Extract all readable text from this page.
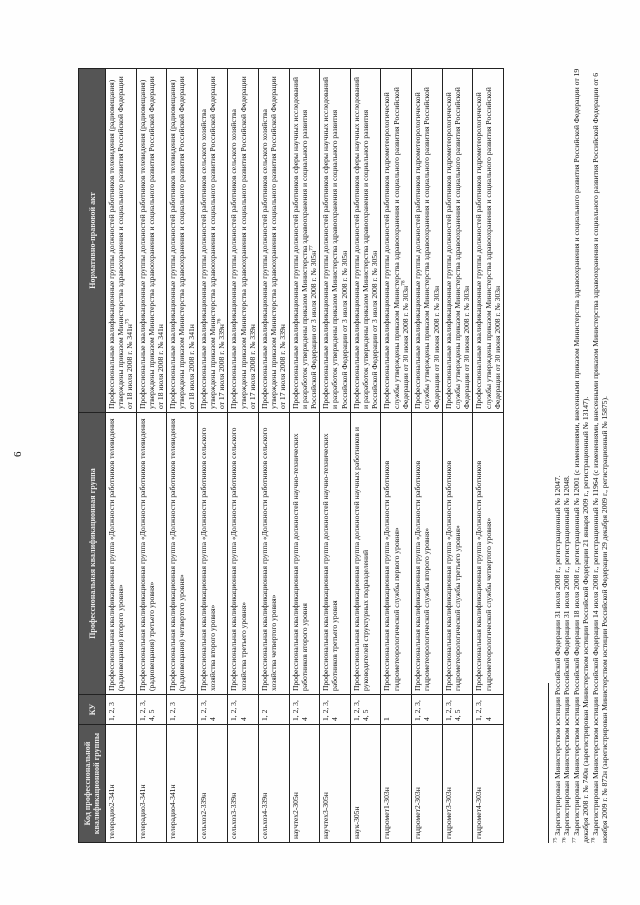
6
Код профессиональной квалификационной группы	КУ	Профессиональная квалификационная группа	Нормативно-правовой акт
телерадио2-341н	1, 2, 3	Профессиональная квалификационная группа «Должности работников телевидения (радиовещания) второго уровня»	Профессиональные квалификационные группы должностей работников телевидения (радиовещания) утверждены приказом Министерства здравоохранения и социального развития Российской Федерации от 18 июля 2008 г. № $341н^{75}$
телерадио3-341н	1, 2, 3, 4, 5	Профессиональная квалификационная группа «Должности работников телевидения (радиовещания) третьего уровня»	Профессиональные квалификационные группы должностей работников телевидения (радиовещания) утверждены приказом Министерства здравоохранения и социального развития Российской Федерации от 18 июля 2008 г. № 341н
телерадио4-341н	1, 2, 3	Профессиональная квалификационная группа «Должности работников телевидения (радиовещания) четвертого уровня»	Профессиональные квалификационные группы должностей работников телевидения (радиовещания) утверждены приказом Министерства здравоохранения и социального развития Российской Федерации от 18 июля 2008 г. № 341н
сельхоз2-339н	1, 2, 3, 4	Профессиональная квалификационная группа «Должности работников сельского хозяйства второго уровня»	Профессиональные квалификационные группы должностей работников сельского хозяйства утверждены приказом Министерства здравоохранения и социального развития Российской Федерации от 17 июля 2008 г. № $339н^{76}$
сельхоз3-339н	1, 2, 3, 4	Профессиональная квалификационная группа «Должности работников сельского хозяйства третьего уровня»	Профессиональные квалификационные группы должностей работников сельского хозяйства утверждены приказом Министерства здравоохранения и социального развития Российской Федерации от 17 июля 2008 г. № 339н
сельхоз4-339н	1, 2	Профессиональная квалификационная группа «Должности работников сельского хозяйства четвертого уровня»	Профессиональные квалификационные группы должностей работников сельского хозяйства утверждены приказом Министерства здравоохранения и социального развития Российской Федерации от 17 июля 2008 г. № 339н
научтех2-305н	1, 2, 3, 4	Профессиональная квалификационная группа должностей научно-технических работников второго уровня	Профессиональные квалификационные группы должностей работников сферы научных исследований и разработок утверждены приказом Министерства здравоохранения и социального развития Российской Федерации от 3 июля 2008 г. № $305н^{77}$
научтех3-305н	1, 2, 3, 4	Профессиональная квалификационная группа должностей научно-технических работников третьего уровня	Профессиональные квалификационные группы должностей работников сферы научных исследований и разработок утверждены приказом Министерства здравоохранения и социального развития Российской Федерации от 3 июля 2008 г. № 305н
наук-305н	1, 2, 3, 4, 5	Профессиональная квалификационная группа должностей научных работников и руководителей структурных подразделений	Профессиональные квалификационные группы должностей работников сферы научных исследований и разработок утверждены приказом Министерства здравоохранения и социального развития Российской Федерации от 3 июля 2008 г. № 305н
гидромет1-303н	1	Профессиональная квалификационная группа «Должности работников гидрометеорологической службы первого уровня»	Профессиональные квалификационные группы должностей работников гидрометеорологической службы утверждены приказом Министерства здравоохранения и социального развития Российской Федерации от 30 июня 2008 г. № $303н^{78}$
гидромет2-303н	1, 2, 3, 4	Профессиональная квалификационная группа «Должности работников гидрометеорологической службы второго уровня»	Профессиональные квалификационные группы должностей работников гидрометеорологической службы утверждены приказом Министерства здравоохранения и социального развития Российской Федерации от 30 июня 2008 г. № 303н
гидромет3-303н	1, 2, 3, 4, 5	Профессиональная квалификационная группа «Должности работников гидрометеорологической службы третьего уровня»	Профессиональные квалификационные группы должностей работников гидрометеорологической службы утверждены приказом Министерства здравоохранения и социального развития Российской Федерации от 30 июня 2008 г. № 303н
гидромет4-303н	1, 2, 3, 4	Профессиональная квалификационная группа «Должности работников гидрометеорологической службы четвертого уровня»	Профессиональные квалификационные группы должностей работников гидрометеорологической службы утверждены приказом Министерства здравоохранения и социального развития Российской Федерации от 30 июня 2008 г. № 303н

$^{75}$ Зарегистрирован Министерством юстиции Российской Федерации 31 июля 2008 г., регистрационный № 12047.

$^{76}$ Зарегистрирован Министерством юстиции Российской Федерации 31 июля 2008 г., регистрационный № 12048.

$^{77}$ Зарегистрирован Министерством юстиции Российской Федерации 18 июля 2008 г., регистрационный № 12001 (с изменениями, внесенными приказом Министерства здравоохранения и социального развития Российской Федерации от 19 декабря 2008 г. № 740н (зарегистрирован Министерством юстиции Российской Федерации 21 января 2009 г., регистрационный № 13147). $^{78}$ Зарегистрирован Министерством юстиции Российской Федерации 14 июля 2008 г., регистрационный № 11964 (с изменениями, внесенными приказом Министерства здравоохранения и социального развития Российской Федерации от 6 ноября 2009 г. № 872н (зарегистрирован Министерством юстиции Российской Федерации 29 декабря 2009 г., регистрационный № 15875).
